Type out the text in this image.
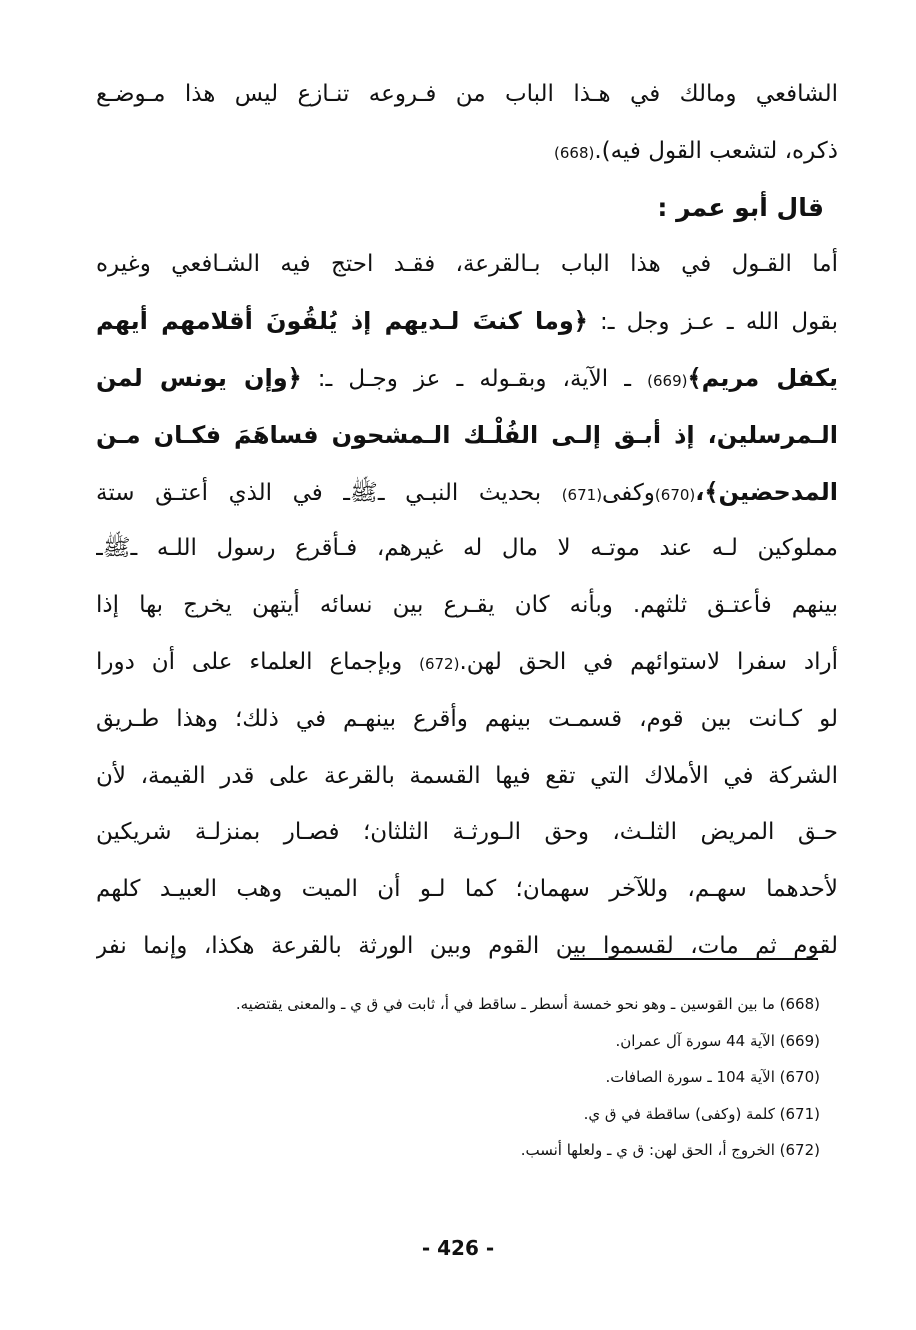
الشافعي ومالك في هـذا الباب من فـروعه تنـازع ليس هذا مـوضـع
ذكره، لتشعب القول فيه).(668)
قال أبو عمر :
أما القـول في هذا الباب بـالقرعة، فقـد احتج فيه الشـافعي وغيره
بقول الله ـ عـز وجل ـ: ﴿وما كنتَ لـديهم إذ يُلقُونَ أقلامهم أيهم
يكفل مريم﴾(669) ـ الآية، وبقـوله ـ عز وجـل ـ: ﴿وإن يونس لمن
الـمرسلين، إذ أبـق إلـى الفُلْـك الـمشحون فساهَمَ فكـان مـن
المدحضين﴾،(670)وكفى(671) بحديث النبـي ـﷺـ في الذي أعتـق ستة
مملوكين لـه عند موتـه لا مال له غيرهم، فـأقرع رسول اللـه ـﷺـ
بينهم فأعتـق ثلثهم. وبأنه كان يقـرع بين نسائه أيتهن يخرج بها إذا
أراد سفرا لاستوائهم في الحق لهن.(672) وبإجماع العلماء على أن دورا
لو كـانت بين قوم، قسمـت بينهم وأقرع بينهـم في ذلك؛ وهذا طـريق
الشركة في الأملاك التي تقع فيها القسمة بالقرعة على قدر القيمة، لأن
حـق المريض الثلـث، وحق الـورثـة الثلثان؛ فصـار بمنزلـة شريكين
لأحدهما سهـم، وللآخر سهمان؛ كما لـو أن الميت وهب العبيـد كلهم
لقوم ثم مات، لقسموا بين القوم وبين الورثة بالقرعة هكذا، وإنما نفر
(668) ما بين القوسين ـ وهو نحو خمسة أسطر ـ ساقط في أ، ثابت في ق ي ـ والمعنى يقتضيه.
(669) الآية 44 سورة آل عمران.
(670) الآية 104 ـ سورة الصافات.
(671) كلمة (وكفى) ساقطة في ق ي.
(672) الخروج أ، الحق لهن: ق ي ـ ولعلها أنسب.
- 426 -
